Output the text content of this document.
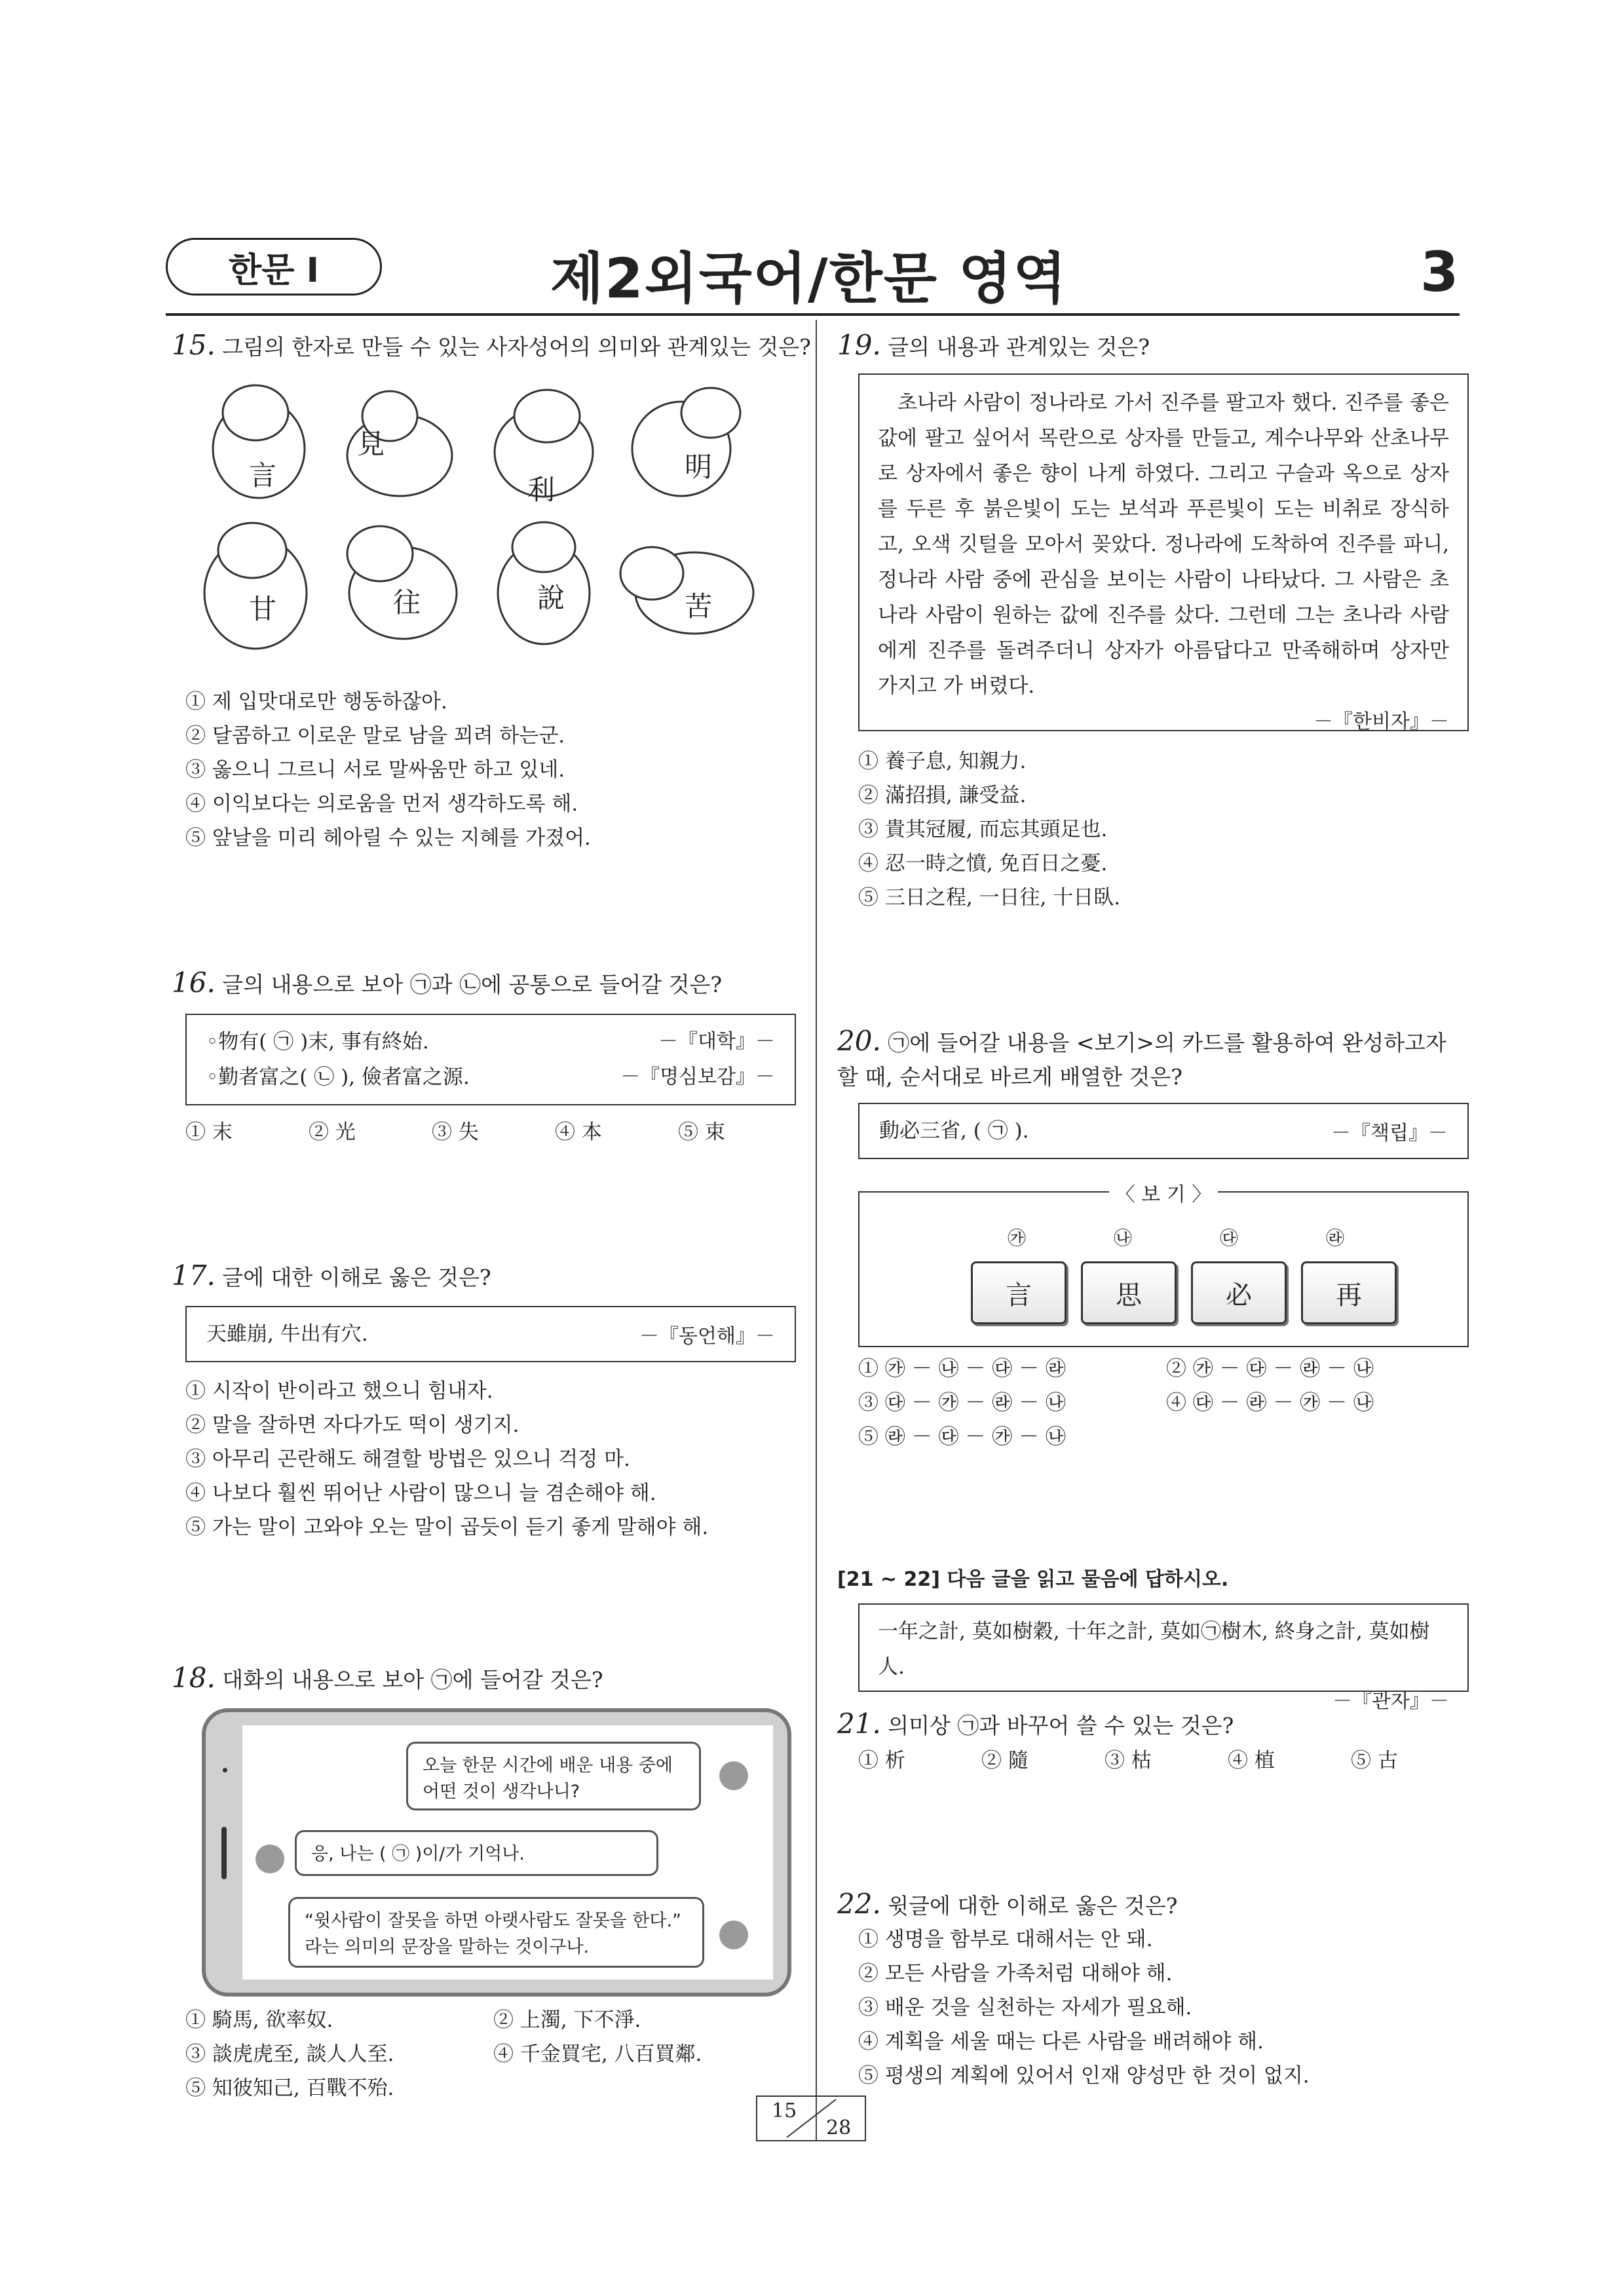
한문 I	제2외국어/한문 영역	3
15. 그림의 한자로 만들 수 있는 사자성어의 의미와 관계있는 것은?
言
見
利
明
甘	往	說	苦
① 제 입맛대로만 행동하잖아.
② 달콤하고 이로운 말로 남을 꾀려 하는군.
③ 옳으니 그르니 서로 말싸움만 하고 있네.
④ 이익보다는 의로움을 먼저 생각하도록 해.
⑤ 앞날을 미리 헤아릴 수 있는 지혜를 가졌어.
16. 글의 내용으로 보아 ㉠과 ㉡에 공통으로 들어갈 것은?
◦物有( ㉠ )末, 事有終始.	－『대학』－
◦勤者富之( ㉡ ), 儉者富之源.	－『명심보감』－
① 末	② 光	③ 失	④ 本	⑤ 束
17. 글에 대한 이해로 옳은 것은?
天雖崩, 牛出有穴.	－『동언해』－
① 시작이 반이라고 했으니 힘내자.
② 말을 잘하면 자다가도 떡이 생기지.
③ 아무리 곤란해도 해결할 방법은 있으니 걱정 마.
④ 나보다 훨씬 뛰어난 사람이 많으니 늘 겸손해야 해.
⑤ 가는 말이 고와야 오는 말이 곱듯이 듣기 좋게 말해야 해.
18. 대화의 내용으로 보아 ㉠에 들어갈 것은?
오늘 한문 시간에 배운 내용 중에 어떤 것이 생각나니?
응, 나는 ( ㉠ )이/가 기억나.
“윗사람이 잘못을 하면 아랫사람도 잘못을 한다.” 라는 의미의 문장을 말하는 것이구나.
① 騎馬, 欲率奴.	② 上濁, 下不淨.
③ 談虎虎至, 談人人至.	④ 千金買宅, 八百買鄰.
⑤ 知彼知己, 百戰不殆.
19. 글의 내용과 관계있는 것은?
초나라 사람이 정나라로 가서 진주를 팔고자 했다. 진주를 좋은 값에 팔고 싶어서 목란으로 상자를 만들고, 계수나무와 산초나무로 상자에서 좋은 향이 나게 하였다. 그리고 구슬과 옥으로 상자를 두른 후 붉은빛이 도는 보석과 푸른빛이 도는 비취로 장식하고, 오색 깃털을 모아서 꽂았다. 정나라에 도착하여 진주를 파니, 정나라 사람 중에 관심을 보이는 사람이 나타났다. 그 사람은 초나라 사람이 원하는 값에 진주를 샀다. 그런데 그는 초나라 사람에게 진주를 돌려주더니 상자가 아름답다고 만족해하며 상자만 가지고 가 버렸다.
－『한비자』－
① 養子息, 知親力.
② 滿招損, 謙受益.
③ 貴其冠履, 而忘其頭足也.
④ 忍一時之憤, 免百日之憂.
⑤ 三日之程, 一日往, 十日臥.
20. ㉠에 들어갈 내용을 <보기>의 카드를 활용하여 완성하고자 할 때, 순서대로 바르게 배열한 것은?
動必三省, ( ㉠ ).	－『책립』－
〈 보 기 〉
㉮	㉯	㉰	㉱
言	思	必	再
① ㉮ － ㉯ － ㉰ － ㉱	② ㉮ － ㉰ － ㉱ － ㉯
③ ㉰ － ㉮ － ㉱ － ㉯	④ ㉰ － ㉱ － ㉮ － ㉯
⑤ ㉱ － ㉰ － ㉮ － ㉯
[21 ~ 22] 다음 글을 읽고 물음에 답하시오.
一年之計, 莫如樹穀, 十年之計, 莫如㉠樹木, 終身之計, 莫如樹人.
－『관자』－
21. 의미상 ㉠과 바꾸어 쓸 수 있는 것은?
① 析	② 隨	③ 枯	④ 植	⑤ 古
22. 윗글에 대한 이해로 옳은 것은?
① 생명을 함부로 대해서는 안 돼.
② 모든 사람을 가족처럼 대해야 해.
③ 배운 것을 실천하는 자세가 필요해.
④ 계획을 세울 때는 다른 사람을 배려해야 해.
⑤ 평생의 계획에 있어서 인재 양성만 한 것이 없지.
15
28
